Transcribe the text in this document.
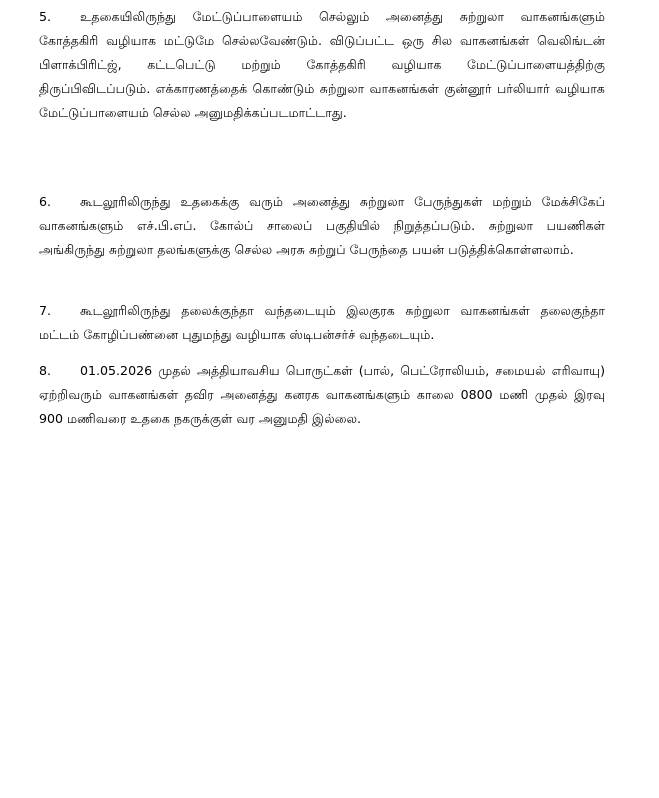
5. உதகையிலிருந்து மேட்டுப்பாளையம் செல்லும் அனைத்து சுற்றுலா வாகனங்களும் கோத்தகிரி வழியாக மட்டுமே செல்லவேண்டும். விடுப்பட்ட ஒரு சில வாகனங்கள் வெலிங்டன் பிளாக்பிரிட்ஜ், கட்டபெட்டு மற்றும் கோத்தகிரி வழியாக மேட்டுப்பாளையத்திற்கு திருப்பிவிடப்படும். எக்காரணத்தைக் கொண்டும் சுற்றுலா வாகனங்கள் குன்னூர் பர்லியார் வழியாக மேட்டுப்பாளையம் செல்ல அனுமதிக்கப்படமாட்டாது.

6. கூடலூரிலிருந்து உதகைக்கு வரும் அனைத்து சுற்றுலா பேருந்துகள் மற்றும் மேக்சிகேப் வாகனங்களும் எச்.பி.எப். கோல்ப் சாலைப் பகுதியில் நிறுத்தப்படும். சுற்றுலா பயணிகள் அங்கிருந்து சுற்றுலா தலங்களுக்கு செல்ல அரசு சுற்றுப் பேருந்தை பயன் படுத்திக்கொள்ளலாம்.

7. கூடலூரிலிருந்து தலைக்குந்தா வந்தடையும் இலகுரக சுற்றுலா வாகனங்கள் தலைகுந்தா மட்டம் கோழிப்பண்னை புதுமந்து வழியாக ஸ்டிபன்சர்ச் வந்தடையும்.

8. 01.05.2026 முதல் அத்தியாவசிய பொருட்கள் (பால், பெட்ரோலியம், சமையல் எரிவாயு) ஏற்றிவரும் வாகனங்கள் தவிர அனைத்து கனரக வாகனங்களும் காலை 0800 மணி முதல் இரவு 900 மணிவரை உதகை நகருக்குள் வர அனுமதி இல்லை.
